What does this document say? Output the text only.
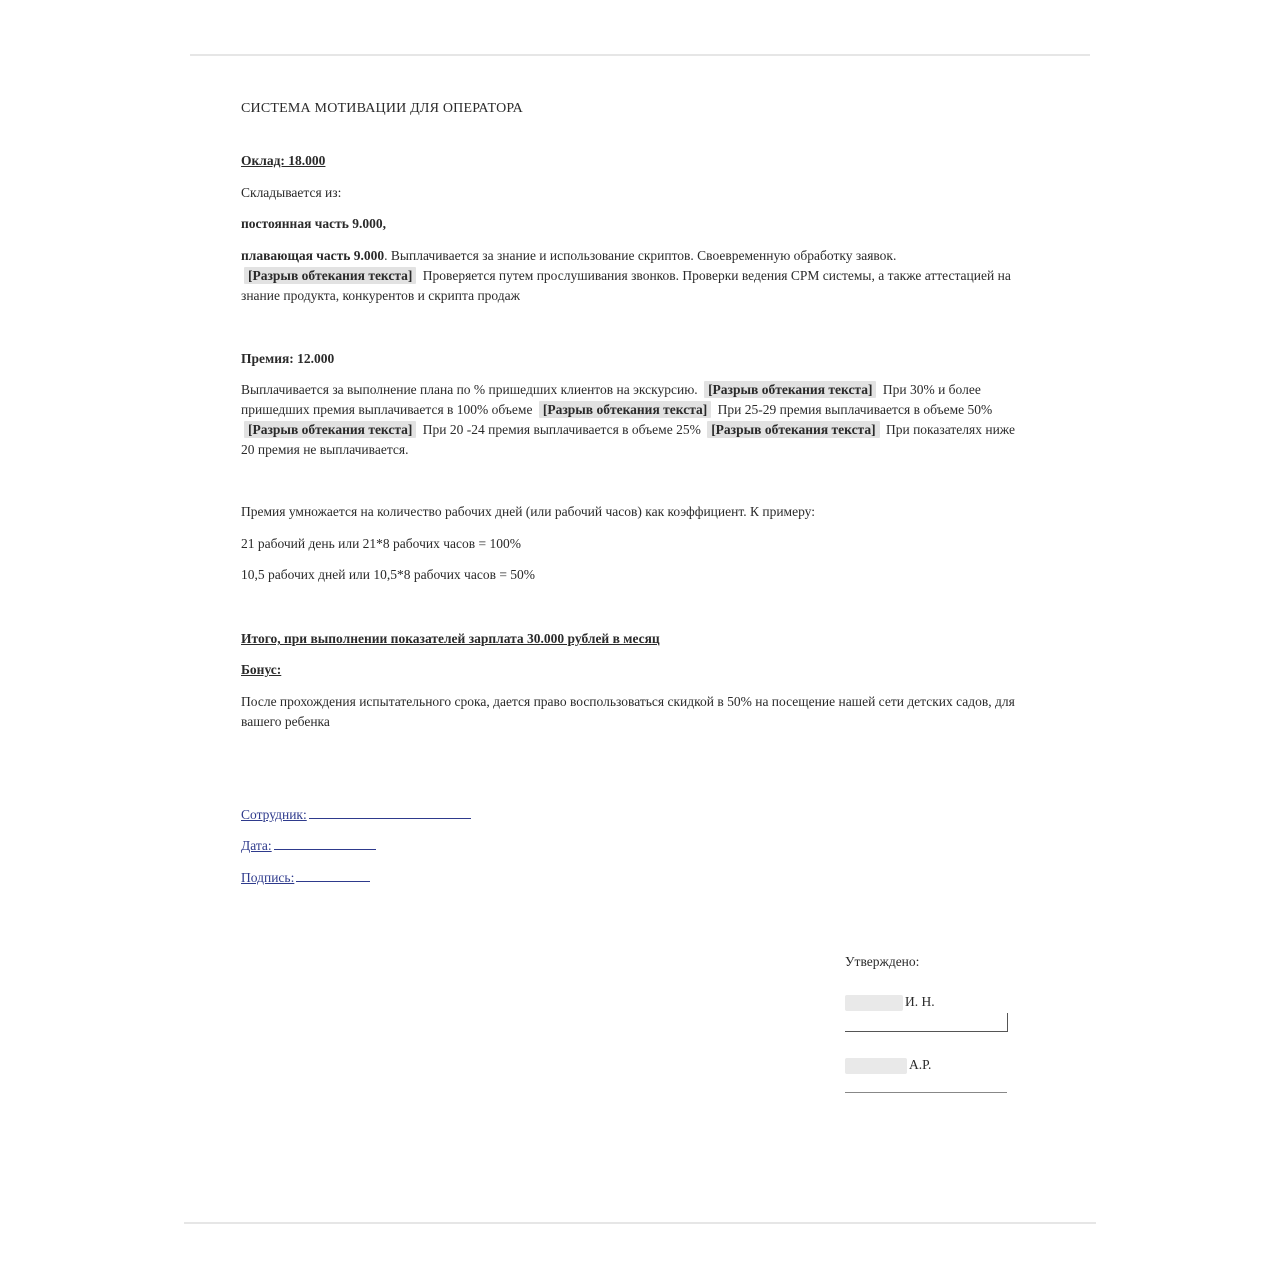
СИСТЕМА МОТИВАЦИИ ДЛЯ ОПЕРАТОРА
Оклад: 18.000
Складывается из:
постоянная часть 9.000,
плавающая часть 9.000. Выплачивается за знание и использование скриптов. Своевременную обработку заявок.
[Разрыв обтекания текста] Проверяется путем прослушивания звонков. Проверки ведения CPM системы, а также аттестацией на знание продукта, конкурентов и скрипта продаж
Премия: 12.000
Выплачивается за выполнение плана по % пришедших клиентов на экскурсию. [Разрыв обтекания текста] При 30% и более пришедших премия выплачивается в 100% объеме [Разрыв обтекания текста] При 25-29 премия выплачивается в объеме 50% [Разрыв обтекания текста] При 20 -24 премия выплачивается в объеме 25% [Разрыв обтекания текста] При показателях ниже 20 премия не выплачивается.
Премия умножается на количество рабочих дней (или рабочий часов) как коэффициент. К примеру:
21 рабочий день или 21*8 рабочих часов = 100%
10,5 рабочих дней или 10,5*8 рабочих часов = 50%
Итого, при выполнении показателей зарплата 30.000 рублей в месяц
Бонус:
После прохождения испытательного срока, дается право воспользоваться скидкой в 50% на посещение нашей сети детских садов, для вашего ребенка
Сотрудник:
Дата:
Подпись:
Утверждено:
И. Н.
А.Р.
